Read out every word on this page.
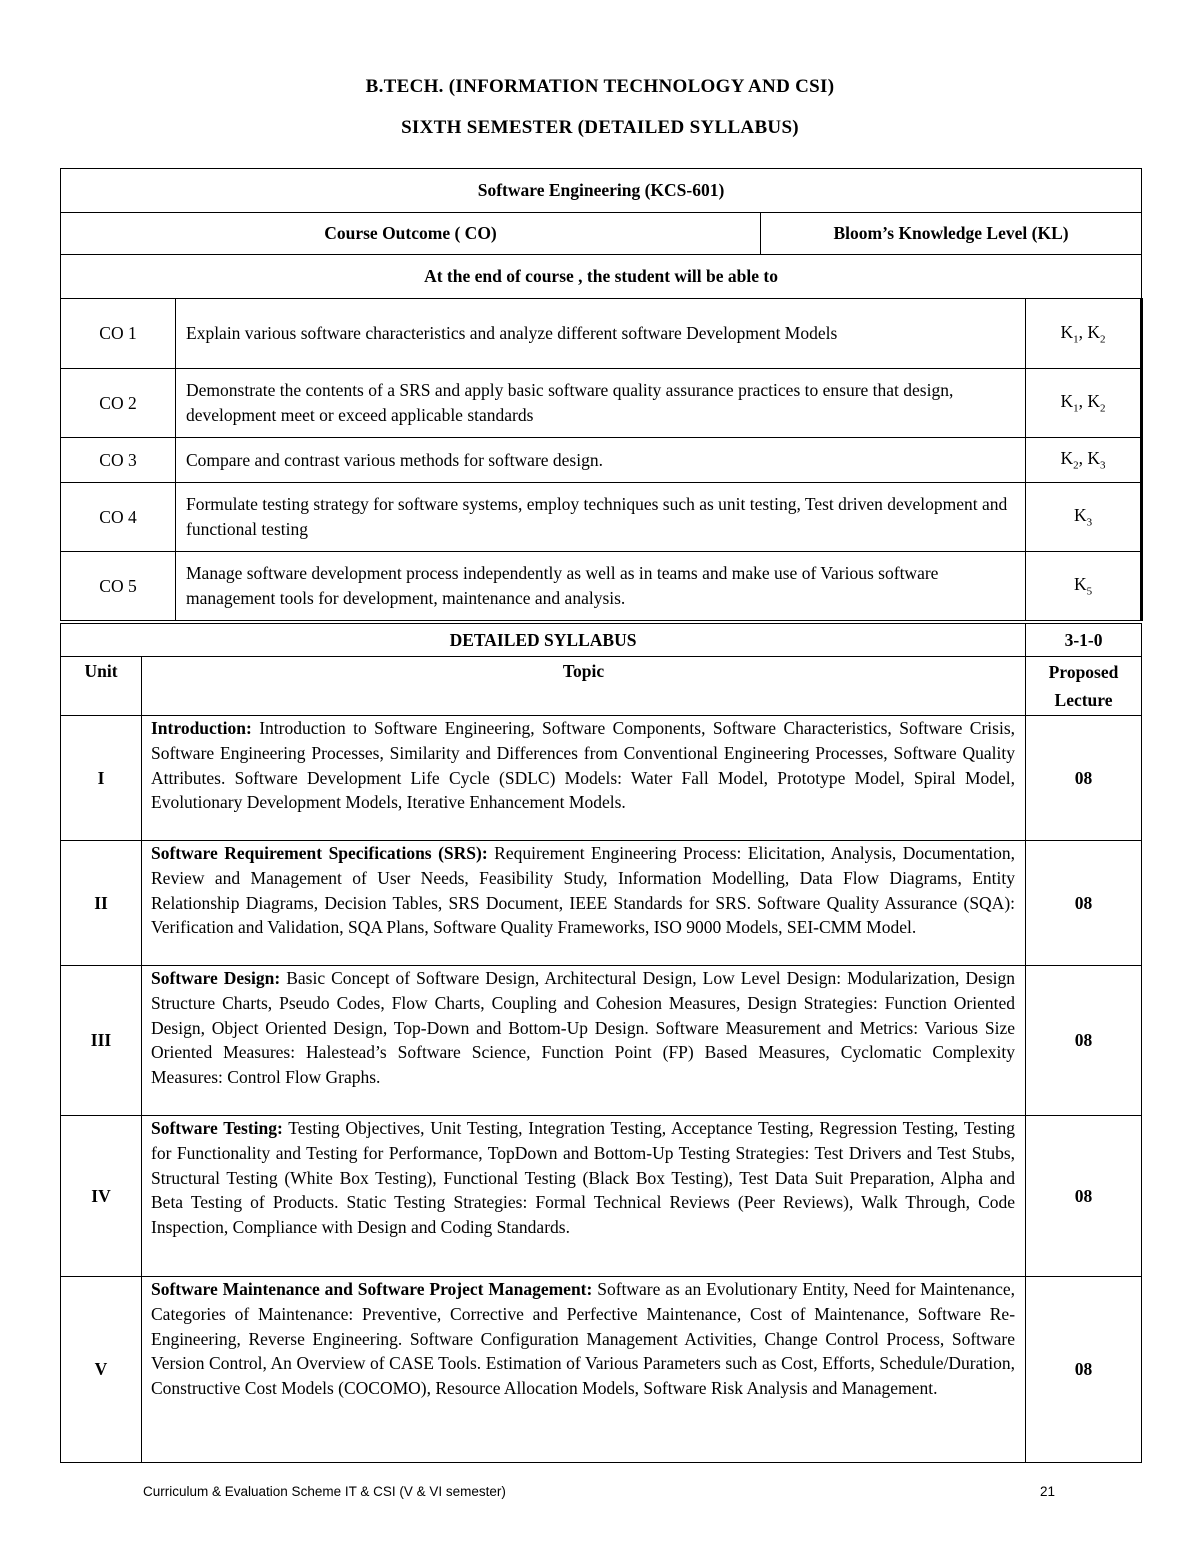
B.TECH. (INFORMATION TECHNOLOGY AND CSI)
SIXTH SEMESTER (DETAILED SYLLABUS)
Software Engineering (KCS-601)			
Course Outcome ( CO)		Bloom’s Knowledge Level (KL)	
At the end of course , the student will be able to			
CO 1	Explain various software characteristics and analyze different software Development Models		$K_1$, $K_2$
CO 2	Demonstrate the contents of a SRS and apply basic software quality assurance practices to ensure that design, development meet or exceed applicable standards		$K_1$, $K_2$
CO 3	Compare and contrast various methods for software design.		$K_2$, $K_3$
CO 4	Formulate testing strategy for software systems, employ techniques such as unit testing, Test driven development and functional testing		$K_3$
CO 5	Manage software development process independently as well as in teams and make use of Various software management tools for development, maintenance and analysis.		$K_5$
DETAILED SYLLABUS		3-1-0
Unit	Topic	Proposed Lecture
I	Introduction: Introduction to Software Engineering, Software Components, Software Characteristics, Software Crisis, Software Engineering Processes, Similarity and Differences from Conventional Engineering Processes, Software Quality Attributes. Software Development Life Cycle (SDLC) Models: Water Fall Model, Prototype Model, Spiral Model, Evolutionary Development Models, Iterative Enhancement Models.	08
II	Software Requirement Specifications (SRS): Requirement Engineering Process: Elicitation, Analysis, Documentation, Review and Management of User Needs, Feasibility Study, Information Modelling, Data Flow Diagrams, Entity Relationship Diagrams, Decision Tables, SRS Document, IEEE Standards for SRS. Software Quality Assurance (SQA): Verification and Validation, SQA Plans, Software Quality Frameworks, ISO 9000 Models, SEI-CMM Model.	08
III	Software Design: Basic Concept of Software Design, Architectural Design, Low Level Design: Modularization, Design Structure Charts, Pseudo Codes, Flow Charts, Coupling and Cohesion Measures, Design Strategies: Function Oriented Design, Object Oriented Design, Top-Down and Bottom-Up Design. Software Measurement and Metrics: Various Size Oriented Measures: Halestead’s Software Science, Function Point (FP) Based Measures, Cyclomatic Complexity Measures: Control Flow Graphs.	08
IV	Software Testing: Testing Objectives, Unit Testing, Integration Testing, Acceptance Testing, Regression Testing, Testing for Functionality and Testing for Performance, TopDown and Bottom-Up Testing Strategies: Test Drivers and Test Stubs, Structural Testing (White Box Testing), Functional Testing (Black Box Testing), Test Data Suit Preparation, Alpha and Beta Testing of Products. Static Testing Strategies: Formal Technical Reviews (Peer Reviews), Walk Through, Code Inspection, Compliance with Design and Coding Standards.	08
V	Software Maintenance and Software Project Management: Software as an Evolutionary Entity, Need for Maintenance, Categories of Maintenance: Preventive, Corrective and Perfective Maintenance, Cost of Maintenance, Software Re- Engineering, Reverse Engineering. Software Configuration Management Activities, Change Control Process, Software Version Control, An Overview of CASE Tools. Estimation of Various Parameters such as Cost, Efforts, Schedule/Duration, Constructive Cost Models (COCOMO), Resource Allocation Models, Software Risk Analysis and Management.	08
Curriculum & Evaluation Scheme IT & CSI (V & VI semester)	21
